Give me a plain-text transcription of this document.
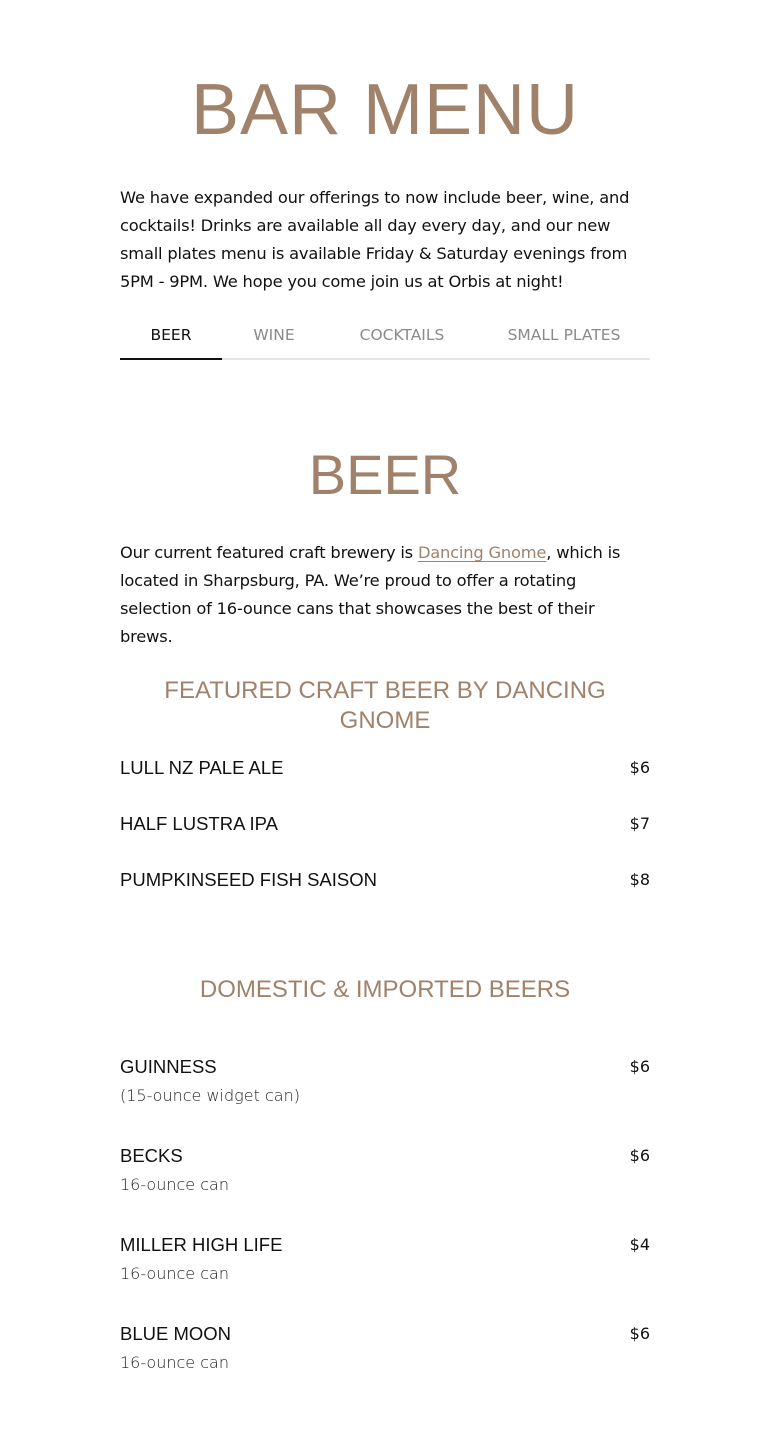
BAR MENU

We have expanded our offerings to now include beer, wine, and cocktails! Drinks are available all day every day, and our new small plates menu is available Friday & Saturday evenings from 5PM - 9PM. We hope you come join us at Orbis at night!

BEER	WINE	COCKTAILS	SMALL PLATES
BEER

Our current featured craft brewery is Dancing Gnome, which is located in Sharpsburg, PA. We’re proud to offer a rotating selection of 16-ounce cans that showcases the best of their brews.

FEATURED CRAFT BEER BY DANCING GNOME
LULL NZ PALE ALE	$6
HALF LUSTRA IPA	$7
PUMPKINSEED FISH SAISON	$8
DOMESTIC & IMPORTED BEERS
GUINNESS	$6
(15-ounce widget can)
BECKS	$6
16-ounce can
MILLER HIGH LIFE	$4
16-ounce can
BLUE MOON	$6
16-ounce can
